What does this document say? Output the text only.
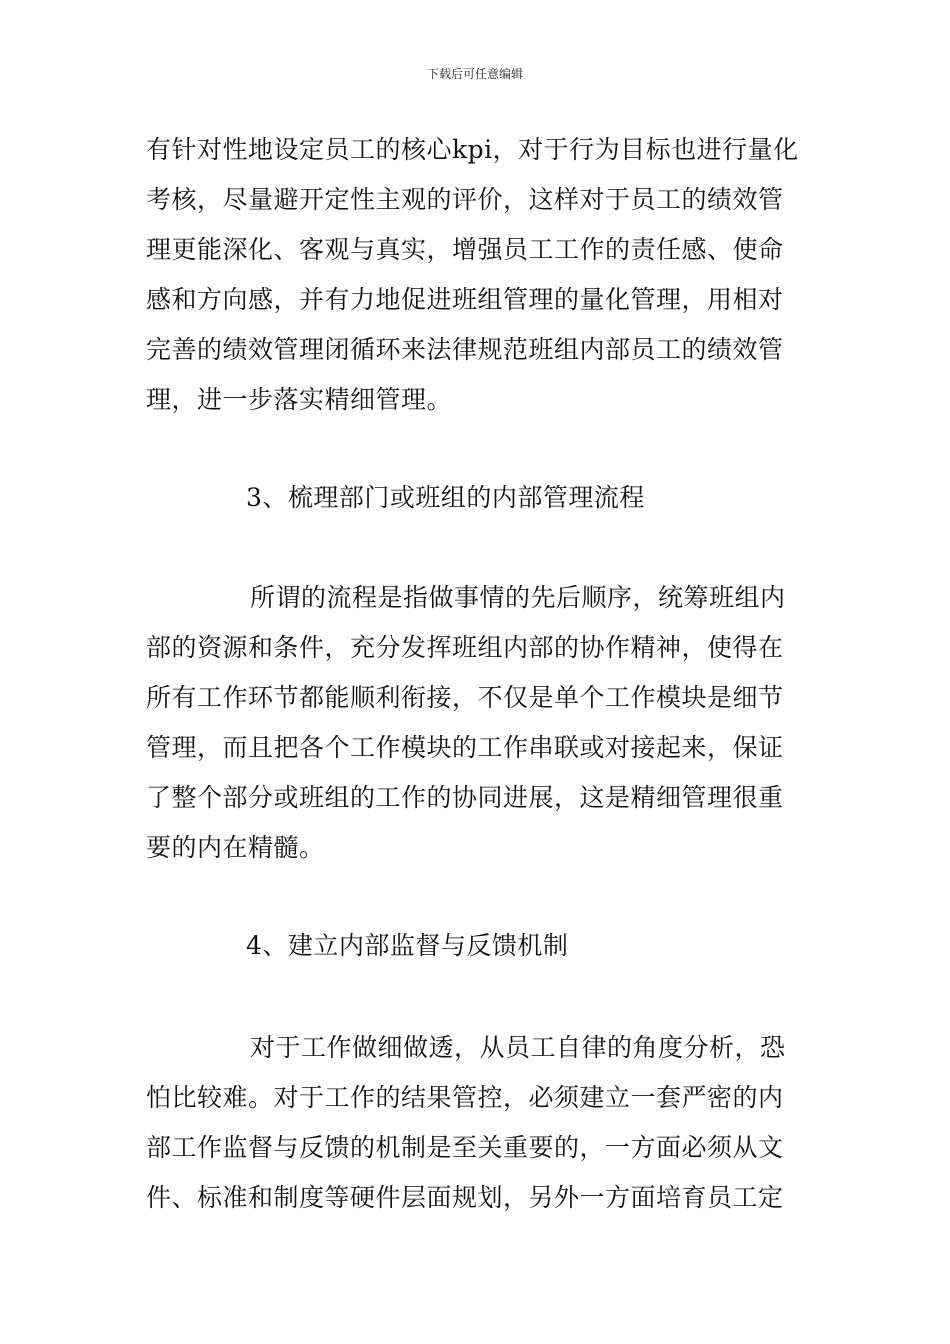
下载后可任意编辑
有针对性地设定员工的核心kpi，对于行为目标也进行量化
考核，尽量避开定性主观的评价，这样对于员工的绩效管
理更能深化、客观与真实，增强员工工作的责任感、使命
感和方向感，并有力地促进班组管理的量化管理，用相对
完善的绩效管理闭循环来法律规范班组内部员工的绩效管
理，进一步落实精细管理。
3、梳理部门或班组的内部管理流程
所谓的流程是指做事情的先后顺序，统筹班组内
部的资源和条件，充分发挥班组内部的协作精神，使得在
所有工作环节都能顺利衔接，不仅是单个工作模块是细节
管理，而且把各个工作模块的工作串联或对接起来，保证
了整个部分或班组的工作的协同进展，这是精细管理很重
要的内在精髓。
4、建立内部监督与反馈机制
对于工作做细做透，从员工自律的角度分析，恐
怕比较难。对于工作的结果管控，必须建立一套严密的内
部工作监督与反馈的机制是至关重要的，一方面必须从文
件、标准和制度等硬件层面规划，另外一方面培育员工定
